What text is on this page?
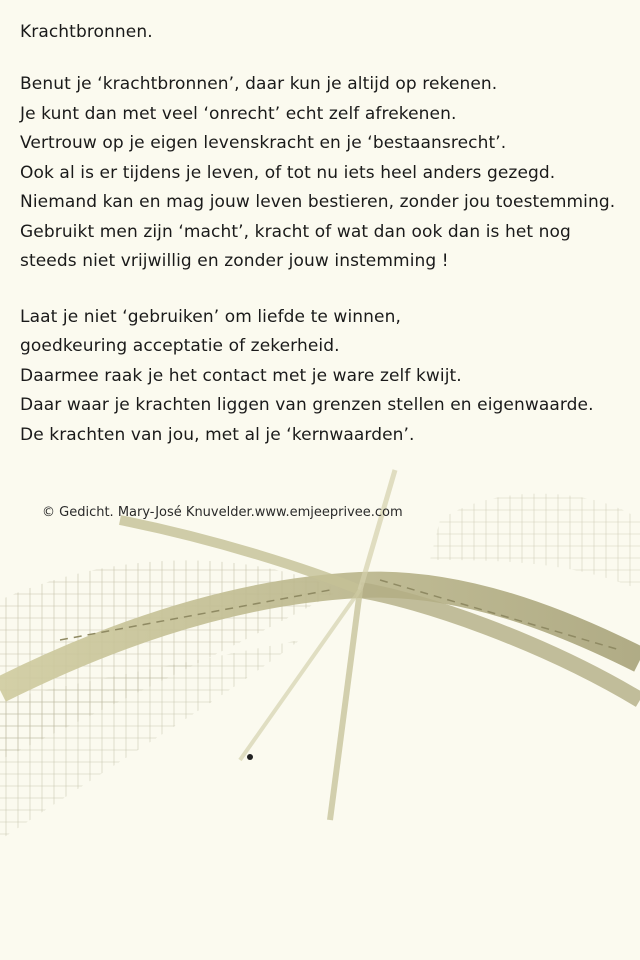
Krachtbronnen.
Benut je ‘krachtbronnen’, daar kun je altijd op rekenen.
Je kunt dan met veel ‘onrecht’ echt zelf afrekenen.
Vertrouw op je eigen levenskracht en je ‘bestaansrecht’.
Ook al is er tijdens je leven, of tot nu iets heel anders gezegd.
Niemand kan en mag jouw leven bestieren, zonder jou toestemming.
Gebruikt men zijn ‘macht’, kracht of wat dan ook dan is het nog
steeds niet vrijwillig en zonder jouw instemming !
Laat je niet ‘gebruiken’ om liefde te winnen,
goedkeuring acceptatie of zekerheid.
Daarmee raak je het contact met je ware zelf kwijt.
Daar waar je krachten liggen van grenzen stellen en eigenwaarde.
De krachten van jou, met al je ‘kernwaarden’.
© Gedicht. Mary-José Knuvelder.www.emjeeprivee.com
